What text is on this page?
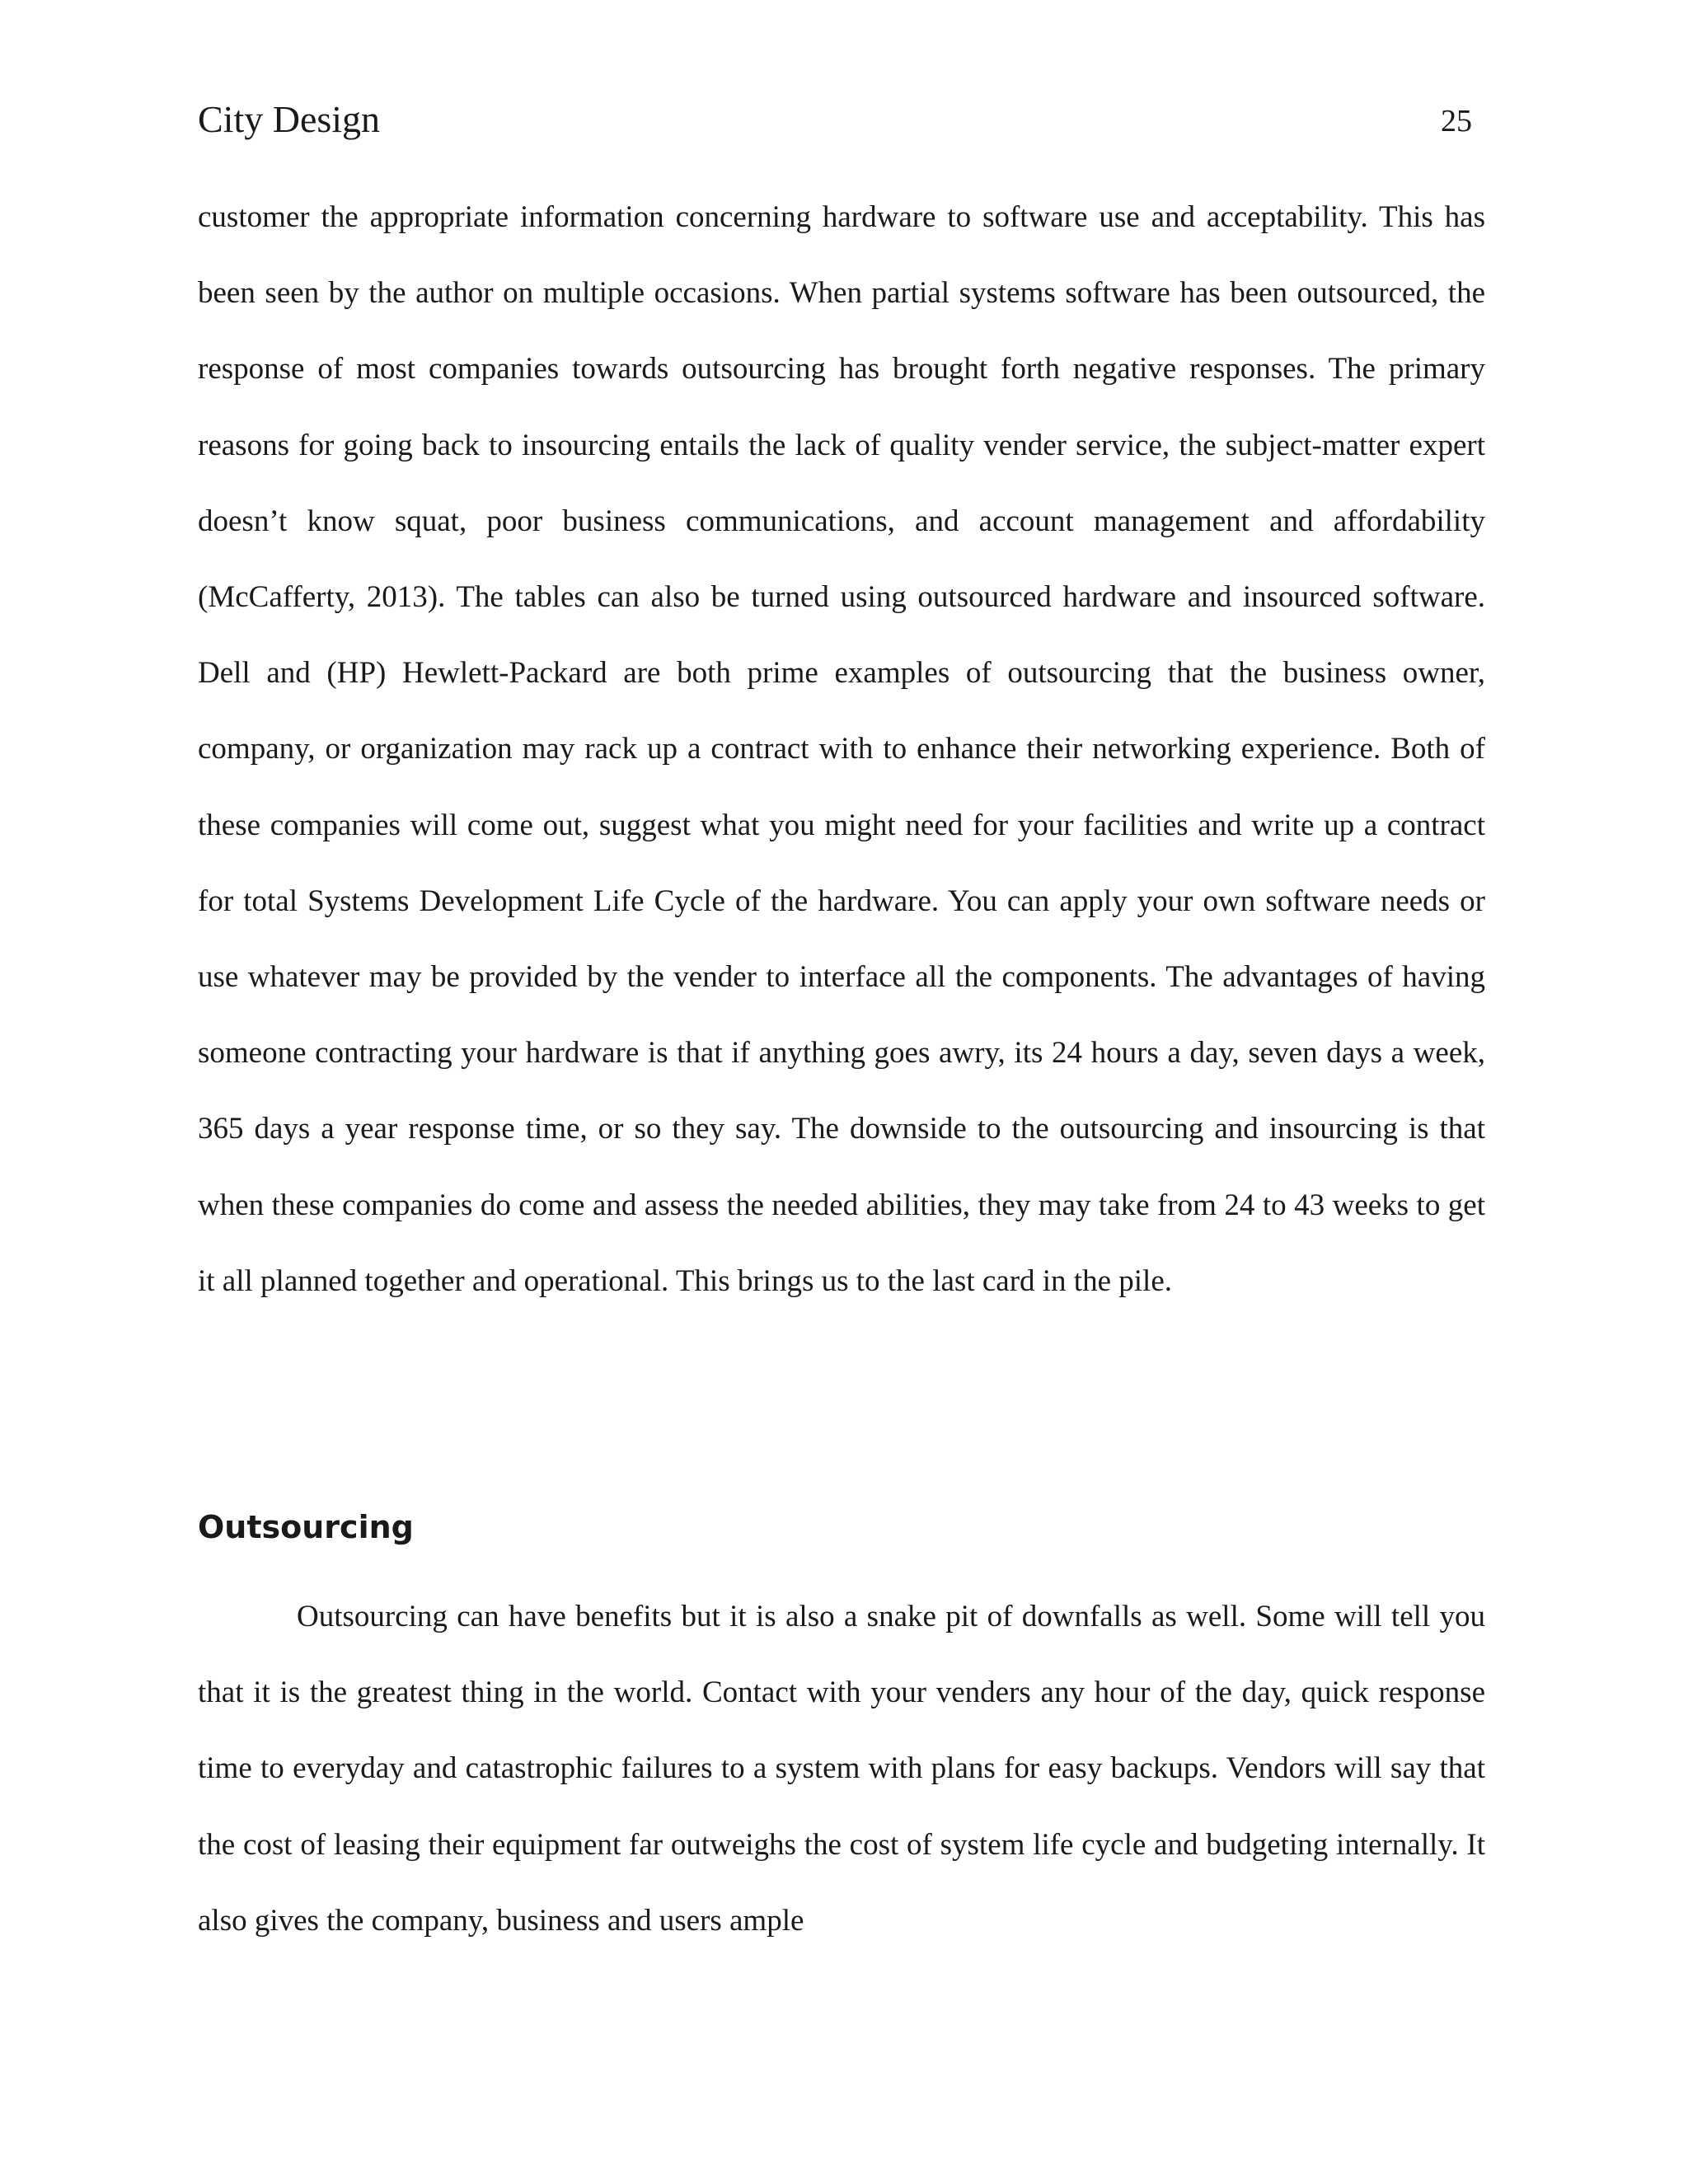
City Design	25

customer the appropriate information concerning hardware to software use and acceptability. This has been seen by the author on multiple occasions. When partial systems software has been outsourced, the response of most companies towards outsourcing has brought forth negative responses. The primary reasons for going back to insourcing entails the lack of quality vender service, the subject-matter expert doesn’t know squat, poor business communications, and account management and affordability (McCafferty, 2013). The tables can also be turned using outsourced hardware and insourced software. Dell and (HP) Hewlett-Packard are both prime examples of outsourcing that the business owner, company, or organization may rack up a contract with to enhance their networking experience. Both of these companies will come out, suggest what you might need for your facilities and write up a contract for total Systems Development Life Cycle of the hardware. You can apply your own software needs or use whatever may be provided by the vender to interface all the components. The advantages of having someone contracting your hardware is that if anything goes awry, its 24 hours a day, seven days a week, 365 days a year response time, or so they say. The downside to the outsourcing and insourcing is that when these companies do come and assess the needed abilities, they may take from 24 to 43 weeks to get it all planned together and operational. This brings us to the last card in the pile.

Outsourcing

Outsourcing can have benefits but it is also a snake pit of downfalls as well. Some will tell you that it is the greatest thing in the world. Contact with your venders any hour of the day, quick response time to everyday and catastrophic failures to a system with plans for easy backups. Vendors will say that the cost of leasing their equipment far outweighs the cost of system life cycle and budgeting internally. It also gives the company, business and users ample
